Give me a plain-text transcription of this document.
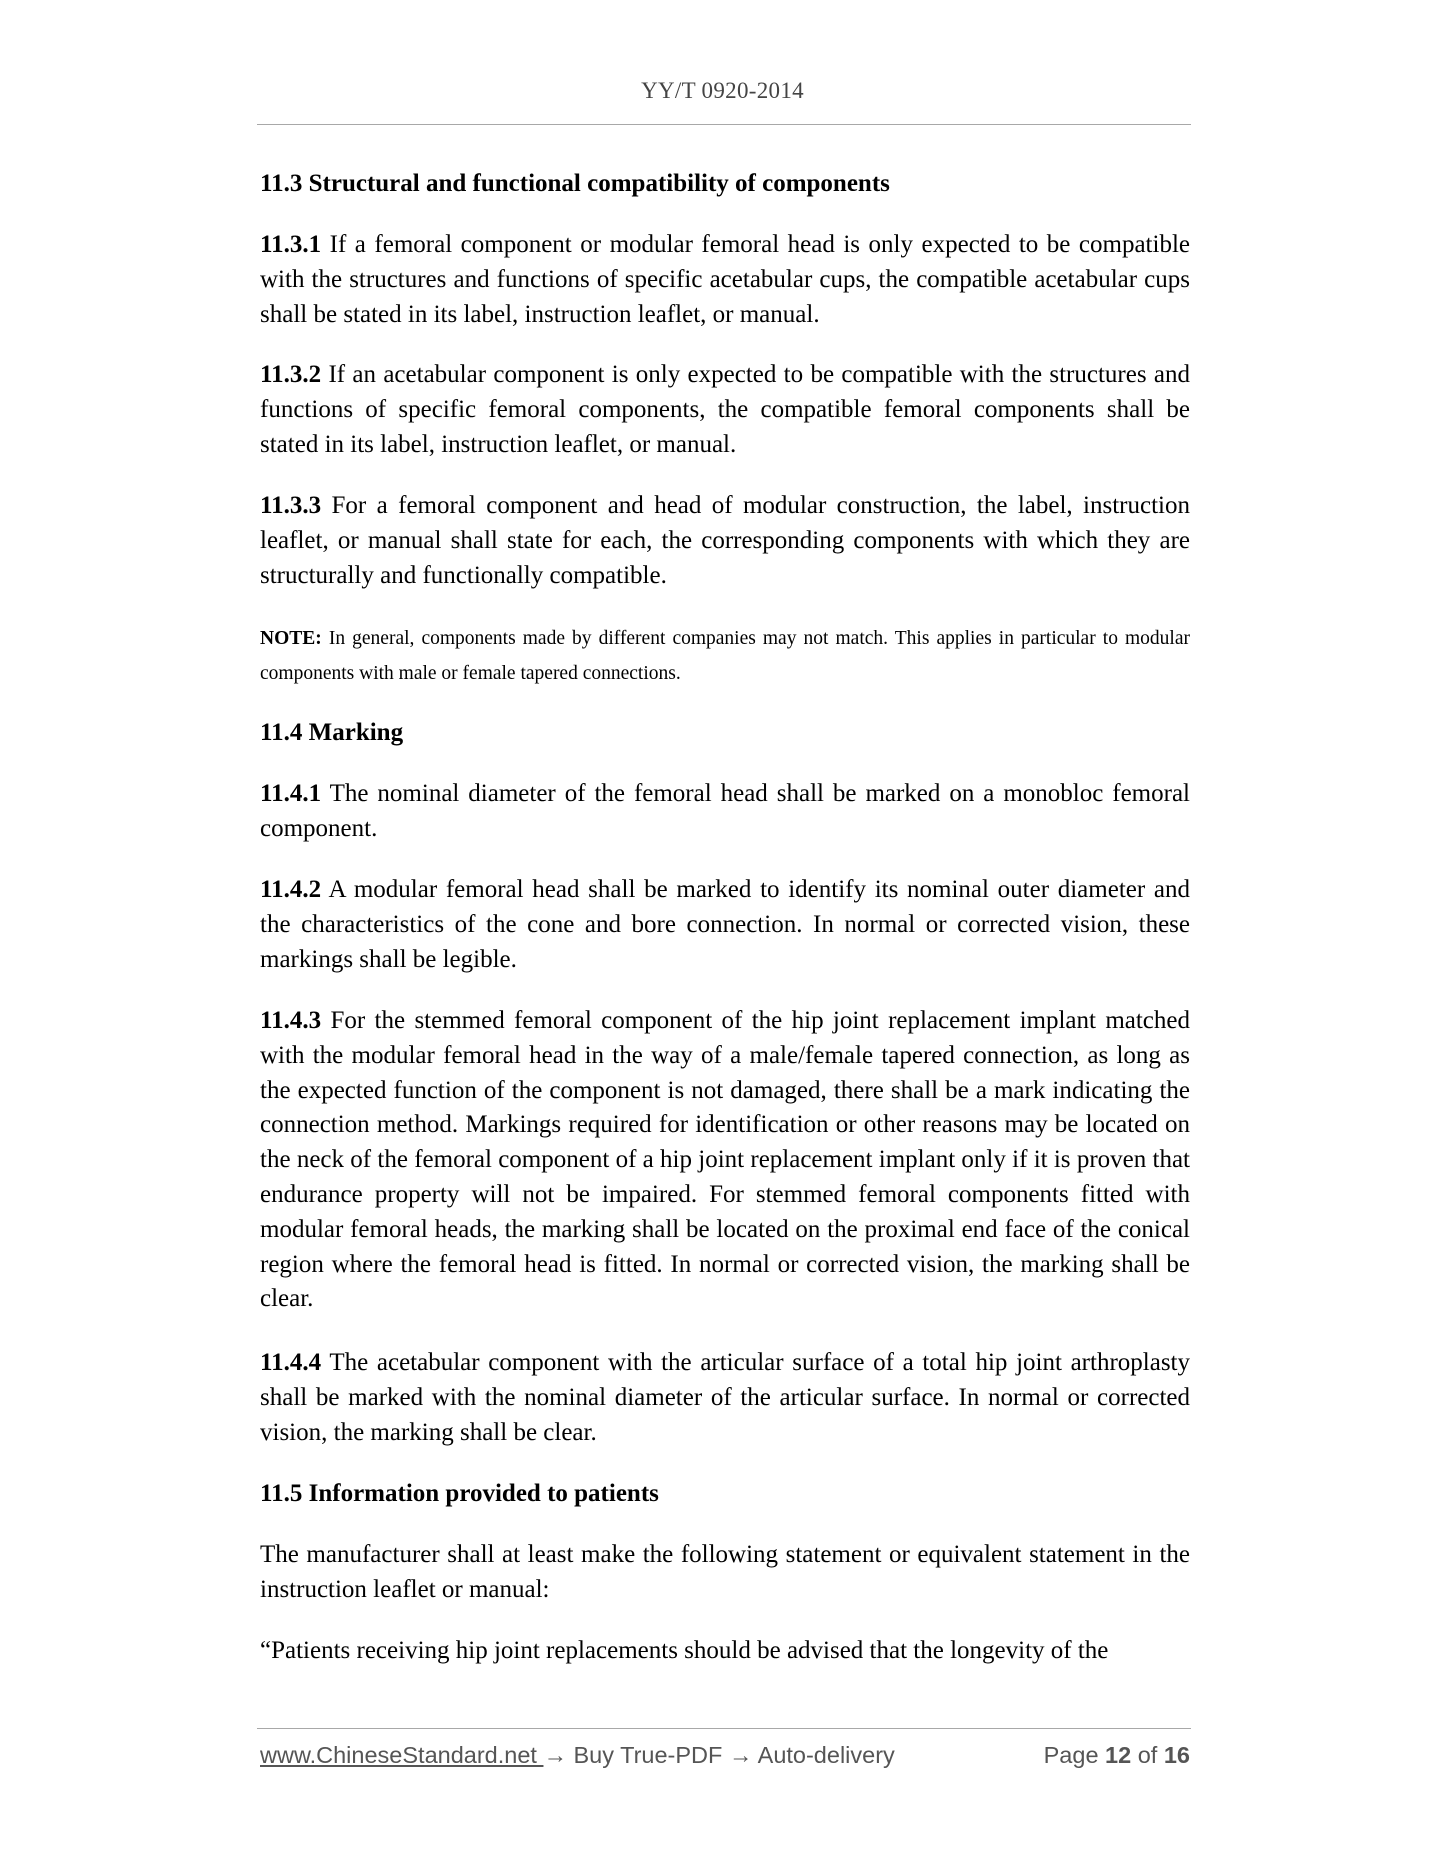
YY/T 0920-2014

11.3 Structural and functional compatibility of components

11.3.1 If a femoral component or modular femoral head is only expected to be compatible with the structures and functions of specific acetabular cups, the compatible acetabular cups shall be stated in its label, instruction leaflet, or manual.

11.3.2 If an acetabular component is only expected to be compatible with the structures and functions of specific femoral components, the compatible femoral components shall be stated in its label, instruction leaflet, or manual.

11.3.3 For a femoral component and head of modular construction, the label, instruction leaflet, or manual shall state for each, the corresponding components with which they are structurally and functionally compatible.

NOTE: In general, components made by different companies may not match. This applies in particular to modular components with male or female tapered connections.

11.4 Marking

11.4.1 The nominal diameter of the femoral head shall be marked on a monobloc femoral component.

11.4.2 A modular femoral head shall be marked to identify its nominal outer diameter and the characteristics of the cone and bore connection. In normal or corrected vision, these markings shall be legible.

11.4.3 For the stemmed femoral component of the hip joint replacement implant matched with the modular femoral head in the way of a male/female tapered connection, as long as the expected function of the component is not damaged, there shall be a mark indicating the connection method. Markings required for identification or other reasons may be located on the neck of the femoral component of a hip joint replacement implant only if it is proven that endurance property will not be impaired. For stemmed femoral components fitted with modular femoral heads, the marking shall be located on the proximal end face of the conical region where the femoral head is fitted. In normal or corrected vision, the marking shall be clear.

11.4.4 The acetabular component with the articular surface of a total hip joint arthroplasty shall be marked with the nominal diameter of the articular surface. In normal or corrected vision, the marking shall be clear.

11.5 Information provided to patients

The manufacturer shall at least make the following statement or equivalent statement in the instruction leaflet or manual:

“Patients receiving hip joint replacements should be advised that the longevity of the

www.ChineseStandard.net → Buy True-PDF → Auto-delivery	Page 12 of 16
